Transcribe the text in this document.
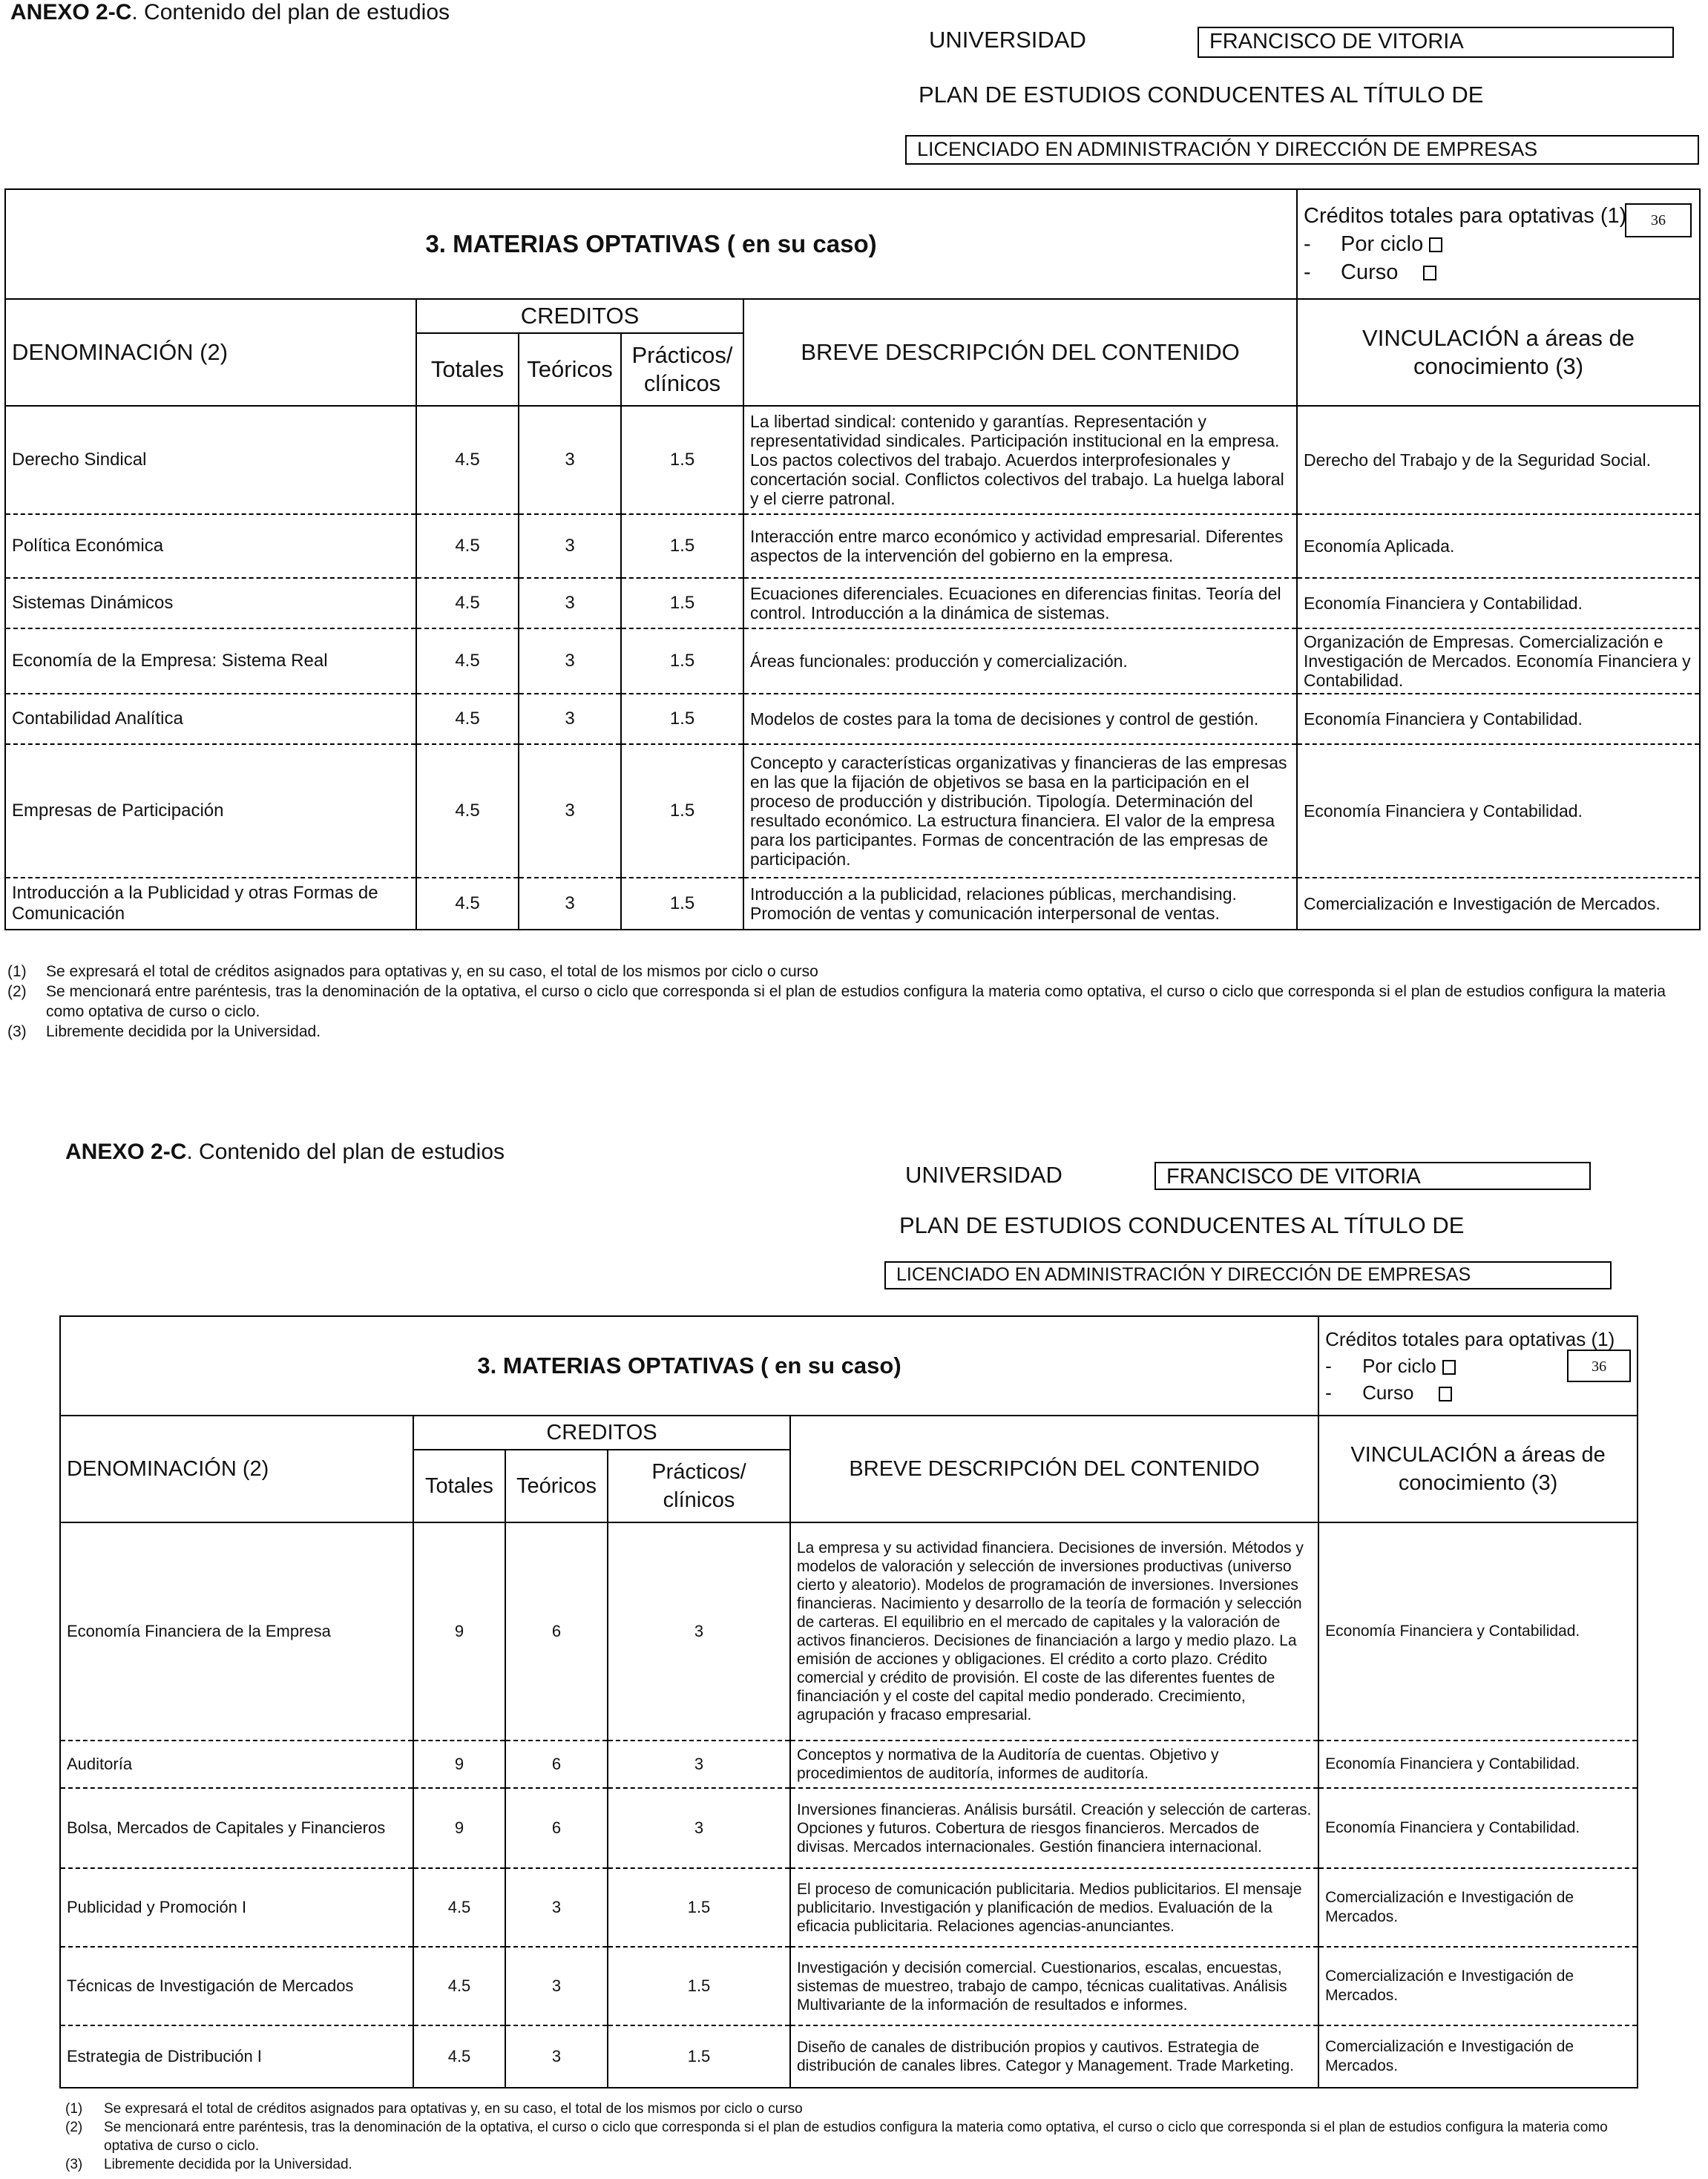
ANEXO 2-C. Contenido del plan de estudios
UNIVERSIDAD	FRANCISCO DE VITORIA
PLAN DE ESTUDIOS CONDUCENTES AL TÍTULO DE
LICENCIADO EN ADMINISTRACIÓN Y DIRECCIÓN DE EMPRESAS
3. MATERIAS OPTATIVAS ( en su caso)					Créditos totales para optativas (1)
- Por ciclo
- Curso
36

DENOMINACIÓN (2)	CREDITOS			BREVE DESCRIPCIÓN DEL CONTENIDO	VINCULACIÓN a áreas de conocimiento (3)
	Totales	Teóricos	Prácticos/ clínicos		
Derecho Sindical	4.5	3	1.5	La libertad sindical: contenido y garantías. Representación y representatividad sindicales. Participación institucional en la empresa. Los pactos colectivos del trabajo. Acuerdos interprofesionales y concertación social. Conflictos colectivos del trabajo. La huelga laboral y el cierre patronal.	Derecho del Trabajo y de la Seguridad Social.
Política Económica	4.5	3	1.5	Interacción entre marco económico y actividad empresarial. Diferentes aspectos de la intervención del gobierno en la empresa.	Economía Aplicada.
Sistemas Dinámicos	4.5	3	1.5	Ecuaciones diferenciales. Ecuaciones en diferencias finitas. Teoría del control. Introducción a la dinámica de sistemas.	Economía Financiera y Contabilidad.
Economía de la Empresa: Sistema Real	4.5	3	1.5	Áreas funcionales: producción y comercialización.	Organización de Empresas. Comercialización e Investigación de Mercados. Economía Financiera y Contabilidad.
Contabilidad Analítica	4.5	3	1.5	Modelos de costes para la toma de decisiones y control de gestión.	Economía Financiera y Contabilidad.
Empresas de Participación	4.5	3	1.5	Concepto y características organizativas y financieras de las empresas en las que la fijación de objetivos se basa en la participación en el proceso de producción y distribución. Tipología. Determinación del resultado económico. La estructura financiera. El valor de la empresa para los participantes. Formas de concentración de las empresas de participación.	Economía Financiera y Contabilidad.
Introducción a la Publicidad y otras Formas de Comunicación	4.5	3	1.5	Introducción a la publicidad, relaciones públicas, merchandising. Promoción de ventas y comunicación interpersonal de ventas.	Comercialización e Investigación de Mercados.
(1)	Se expresará el total de créditos asignados para optativas y, en su caso, el total de los mismos por ciclo o curso
(2)	Se mencionará entre paréntesis, tras la denominación de la optativa, el curso o ciclo que corresponda si el plan de estudios configura la materia como optativa, el curso o ciclo que corresponda si el plan de estudios configura la materia como optativa de curso o ciclo.
(3)	Libremente decidida por la Universidad.
ANEXO 2-C. Contenido del plan de estudios
UNIVERSIDAD	FRANCISCO DE VITORIA
PLAN DE ESTUDIOS CONDUCENTES AL TÍTULO DE
LICENCIADO EN ADMINISTRACIÓN Y DIRECCIÓN DE EMPRESAS
3. MATERIAS OPTATIVAS ( en su caso)					Créditos totales para optativas (1)
- Por ciclo
- Curso
36

DENOMINACIÓN (2)	CREDITOS			BREVE DESCRIPCIÓN DEL CONTENIDO	VINCULACIÓN a áreas de conocimiento (3)
	Totales	Teóricos	Prácticos/ clínicos		
Economía Financiera de la Empresa	9	6	3	La empresa y su actividad financiera. Decisiones de inversión. Métodos y modelos de valoración y selección de inversiones productivas (universo cierto y aleatorio). Modelos de programación de inversiones. Inversiones financieras. Nacimiento y desarrollo de la teoría de formación y selección de carteras. El equilibrio en el mercado de capitales y la valoración de activos financieros. Decisiones de financiación a largo y medio plazo. La emisión de acciones y obligaciones. El crédito a corto plazo. Crédito comercial y crédito de provisión. El coste de las diferentes fuentes de financiación y el coste del capital medio ponderado. Crecimiento, agrupación y fracaso empresarial.	Economía Financiera y Contabilidad.
Auditoría	9	6	3	Conceptos y normativa de la Auditoría de cuentas. Objetivo y procedimientos de auditoría, informes de auditoría.	Economía Financiera y Contabilidad.
Bolsa, Mercados de Capitales y Financieros	9	6	3	Inversiones financieras. Análisis bursátil. Creación y selección de carteras. Opciones y futuros. Cobertura de riesgos financieros. Mercados de divisas. Mercados internacionales. Gestión financiera internacional.	Economía Financiera y Contabilidad.
Publicidad y Promoción I	4.5	3	1.5	El proceso de comunicación publicitaria. Medios publicitarios. El mensaje publicitario. Investigación y planificación de medios. Evaluación de la eficacia publicitaria. Relaciones agencias-anunciantes.	Comercialización e Investigación de Mercados.
Técnicas de Investigación de Mercados	4.5	3	1.5	Investigación y decisión comercial. Cuestionarios, escalas, encuestas, sistemas de muestreo, trabajo de campo, técnicas cualitativas. Análisis Multivariante de la información de resultados e informes.	Comercialización e Investigación de Mercados.
Estrategia de Distribución I	4.5	3	1.5	Diseño de canales de distribución propios y cautivos. Estrategia de distribución de canales libres. Categor y Management. Trade Marketing.	Comercialización e Investigación de Mercados.
(1)	Se expresará el total de créditos asignados para optativas y, en su caso, el total de los mismos por ciclo o curso
(2)	Se mencionará entre paréntesis, tras la denominación de la optativa, el curso o ciclo que corresponda si el plan de estudios configura la materia como optativa, el curso o ciclo que corresponda si el plan de estudios configura la materia como optativa de curso o ciclo.
(3)	Libremente decidida por la Universidad.
